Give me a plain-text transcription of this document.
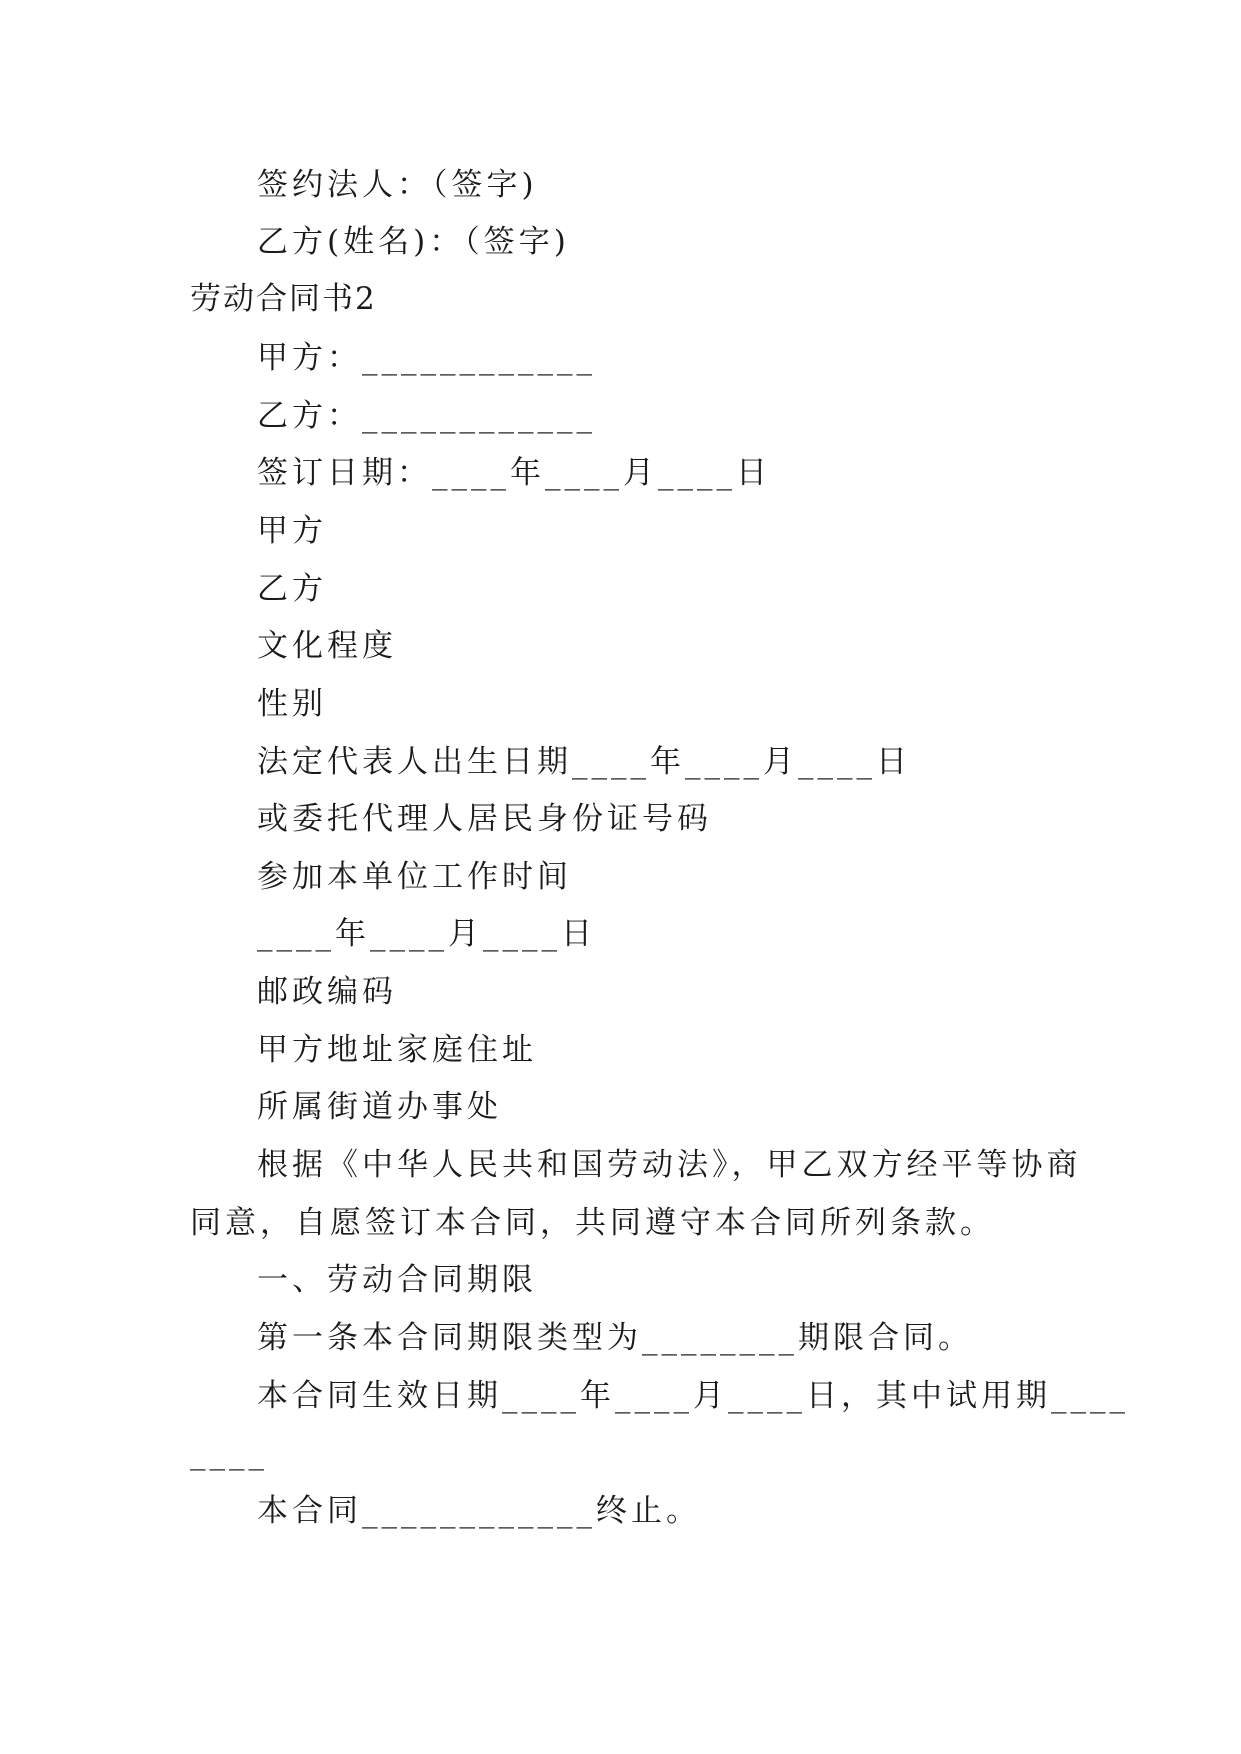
签约法人：（签字)

乙方(姓名)：（签字)

劳动合同书2

甲方：____________

乙方：____________

签订日期：____年____月____日

甲方

乙方

文化程度

性别

法定代表人出生日期____年____月____日

或委托代理人居民身份证号码

参加本单位工作时间

____年____月____日

邮政编码

甲方地址家庭住址

所属街道办事处

根据《中华人民共和国劳动法》，甲乙双方经平等协商

同意，自愿签订本合同，共同遵守本合同所列条款。

一、劳动合同期限

第一条本合同期限类型为________期限合同。

本合同生效日期____年____月____日，其中试用期____

____

本合同____________终止。
